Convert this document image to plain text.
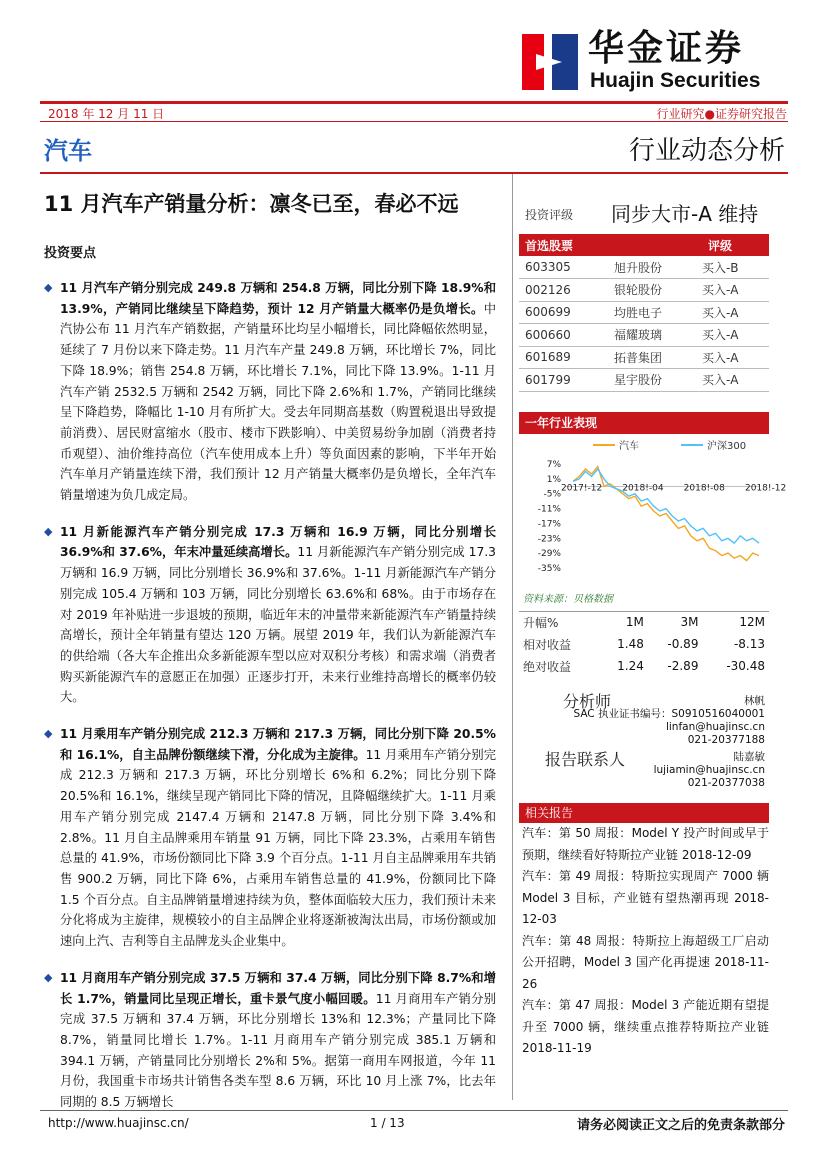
华金证券
Huajin Securities
2018 年 12 月 11 日	行业研究●证券研究报告
汽车	行业动态分析
11 月汽车产销量分析：凛冬已至，春必不远
投资要点
◆ 11 月汽车产销分别完成 249.8 万辆和 254.8 万辆，同比分别下降 18.9%和 13.9%，产销同比继续呈下降趋势，预计 12 月产销量大概率仍是负增长。中汽协公布 11 月汽车产销数据，产销量环比均呈小幅增长，同比降幅依然明显，延续了 7 月份以来下降走势。11 月汽车产量 249.8 万辆，环比增长 7%，同比下降 18.9%；销售 254.8 万辆，环比增长 7.1%，同比下降 13.9%。1-11 月汽车产销 2532.5 万辆和 2542 万辆，同比下降 2.6%和 1.7%，产销同比继续呈下降趋势，降幅比 1-10 月有所扩大。受去年同期高基数（购置税退出导致提前消费）、居民财富缩水（股市、楼市下跌影响）、中美贸易纷争加剧（消费者持币观望）、油价维持高位（汽车使用成本上升）等负面因素的影响，下半年开始汽车单月产销量连续下滑，我们预计 12 月产销量大概率仍是负增长，全年汽车销量增速为负几成定局。
◆ 11 月新能源汽车产销分别完成 17.3 万辆和 16.9 万辆，同比分别增长 36.9%和 37.6%，年末冲量延续高增长。11 月新能源汽车产销分别完成 17.3 万辆和 16.9 万辆，同比分别增长 36.9%和 37.6%。1-11 月新能源汽车产销分别完成 105.4 万辆和 103 万辆，同比分别增长 63.6%和 68%。由于市场存在对 2019 年补贴进一步退坡的预期，临近年末的冲量带来新能源汽车产销量持续高增长，预计全年销量有望达 120 万辆。展望 2019 年，我们认为新能源汽车的供给端（各大车企推出众多新能源车型以应对双积分考核）和需求端（消费者购买新能源汽车的意愿正在加强）正逐步打开，未来行业维持高增长的概率仍较大。
◆ 11 月乘用车产销分别完成 212.3 万辆和 217.3 万辆，同比分别下降 20.5%和 16.1%，自主品牌份额继续下滑，分化成为主旋律。11 月乘用车产销分别完成 212.3 万辆和 217.3 万辆，环比分别增长 6%和 6.2%；同比分别下降 20.5%和 16.1%，继续呈现产销同比下降的情况，且降幅继续扩大。1-11 月乘用车产销分别完成 2147.4 万辆和 2147.8 万辆，同比分别下降 3.4%和 2.8%。11 月自主品牌乘用车销量 91 万辆，同比下降 23.3%，占乘用车销售总量的 41.9%，市场份额同比下降 3.9 个百分点。1-11 月自主品牌乘用车共销售 900.2 万辆，同比下降 6%，占乘用车销售总量的 41.9%，份额同比下降 1.5 个百分点。自主品牌销量增速持续为负，整体面临较大压力，我们预计未来分化将成为主旋律，规模较小的自主品牌企业将逐渐被淘汰出局，市场份额或加速向上汽、吉利等自主品牌龙头企业集中。
◆ 11 月商用车产销分别完成 37.5 万辆和 37.4 万辆，同比分别下降 8.7%和增长 1.7%，销量同比呈现正增长，重卡景气度小幅回暖。11 月商用车产销分别完成 37.5 万辆和 37.4 万辆，环比分别增长 13%和 12.3%；产量同比下降 8.7%，销量同比增长 1.7%。1-11 月商用车产销分别完成 385.1 万辆和 394.1 万辆，产销量同比分别增长 2%和 5%。据第一商用车网报道，今年 11 月份，我国重卡市场共计销售各类车型 8.6 万辆，环比 10 月上涨 7%，比去年同期的 8.5 万辆增长
投资评级 同步大市-A 维持
首选股票		评级
603305	旭升股份	买入-B
002126	银轮股份	买入-A
600699	均胜电子	买入-A
600660	福耀玻璃	买入-A
601689	拓普集团	买入-A
601799	星宇股份	买入-A
一年行业表现
汽车	沪深300
7%
1%
-5%
-11%
-17%
-23%
-29%
-35%
2017!-12 2018!-04 2018!-08 2018!-12
资料来源：贝格数据
升幅%	1M	3M	12M
相对收益	1.48	-0.89	-8.13
绝对收益	1.24	-2.89	-30.48
分析师	林帆
SAC 执业证书编号：S0910516040001
linfan@huajinsc.cn
021-20377188
报告联系人	陆嘉敏
lujiamin@huajinsc.cn
021-20377038
相关报告
汽车：第 50 周报：Model Y 投产时间或早于预期，继续看好特斯拉产业链 2018-12-09
汽车：第 49 周报：特斯拉实现周产 7000 辆 Model 3 目标，产业链有望热潮再现 2018-12-03
汽车：第 48 周报：特斯拉上海超级工厂启动公开招聘，Model 3 国产化再提速 2018-11-26
汽车：第 47 周报：Model 3 产能近期有望提升至 7000 辆，继续重点推荐特斯拉产业链 2018-11-19
http://www.huajinsc.cn/	1 / 13	请务必阅读正文之后的免责条款部分
